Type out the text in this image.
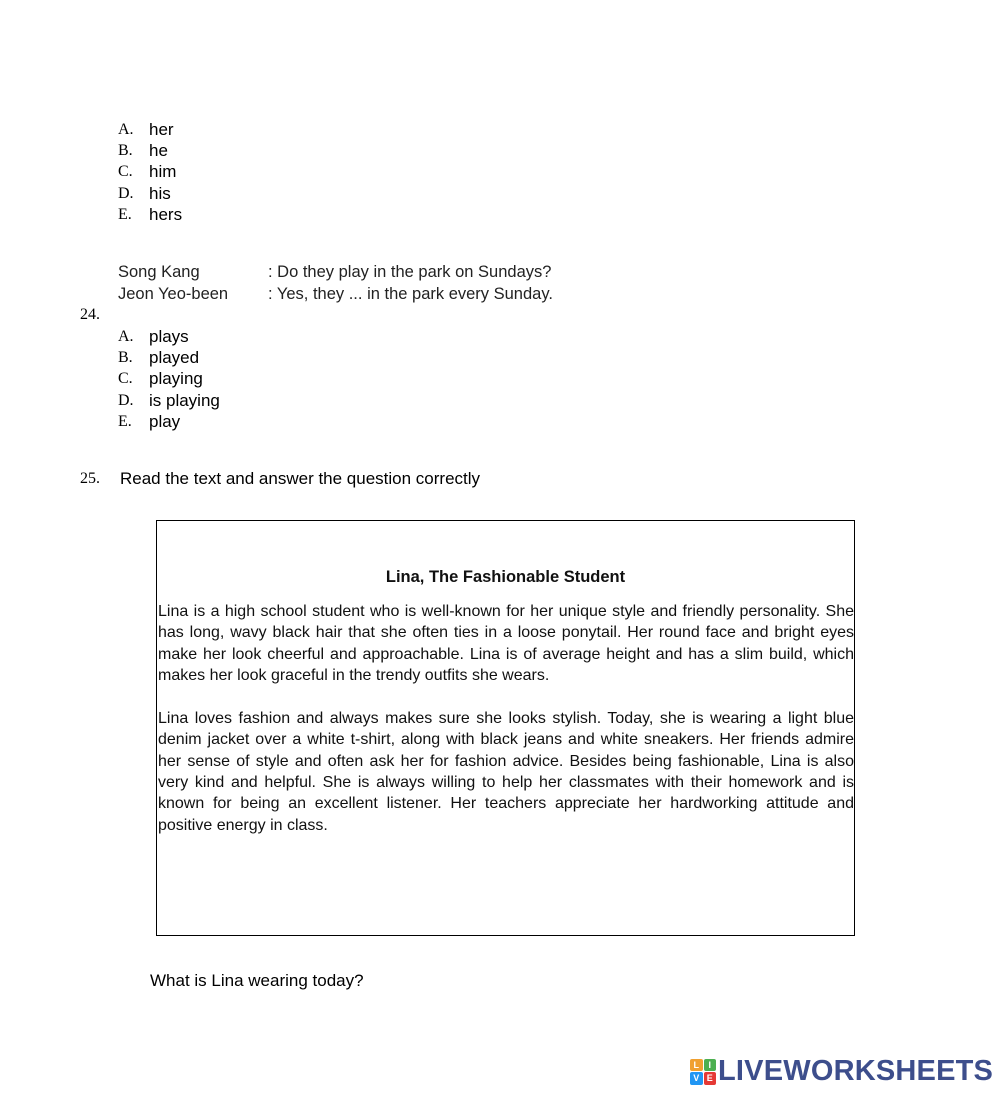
A. her
B. he
C. him
D. his
E.	hers
Song Kang	: Do they play in the park on Sundays?
Jeon Yeo-been	: Yes, they ... in the park every Sunday.
24.
A. plays
B. played
C. playing
D. is playing
E.	play
25. Read the text and answer the question correctly
Lina, The Fashionable Student

Lina is a high school student who is well-known for her unique style and friendly personality. She has long, wavy black hair that she often ties in a loose ponytail. Her round face and bright eyes make her look cheerful and approachable. Lina is of average height and has a slim build, which makes her look graceful in the trendy outfits she wears.

Lina loves fashion and always makes sure she looks stylish. Today, she is wearing a light blue denim jacket over a white t-shirt, along with black jeans and white sneakers. Her friends admire her sense of style and often ask her for fashion advice. Besides being fashionable, Lina is also very kind and helpful. She is always willing to help her classmates with their homework and is known for being an excellent listener. Her teachers appreciate her hardworking attitude and positive energy in class.

What is Lina wearing today?
L	I
V E LIVEWORKSHEETS
